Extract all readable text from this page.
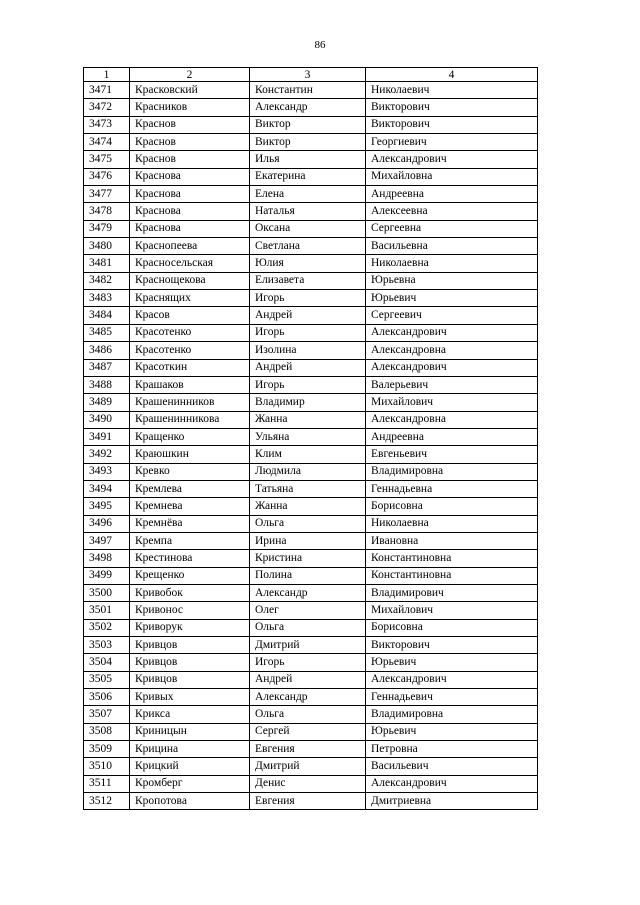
86
1	2	3	4
3471	Красковский	Константин	Николаевич
3472	Красников	Александр	Викторович
3473	Краснов	Виктор	Викторович
3474	Краснов	Виктор	Георгиевич
3475	Краснов	Илья	Александрович
3476	Краснова	Екатерина	Михайловна
3477	Краснова	Елена	Андреевна
3478	Краснова	Наталья	Алексеевна
3479	Краснова	Оксана	Сергеевна
3480	Краснопеева	Светлана	Васильевна
3481	Красносельская	Юлия	Николаевна
3482	Краснощекова	Елизавета	Юрьевна
3483	Краснящих	Игорь	Юрьевич
3484	Красов	Андрей	Сергеевич
3485	Красотенко	Игорь	Александрович
3486	Красотенко	Изолина	Александровна
3487	Красоткин	Андрей	Александрович
3488	Крашаков	Игорь	Валерьевич
3489	Крашенинников	Владимир	Михайлович
3490	Крашенинникова	Жанна	Александровна
3491	Кращенко	Ульяна	Андреевна
3492	Краюшкин	Клим	Евгеньевич
3493	Кревко	Людмила	Владимировна
3494	Кремлева	Татьяна	Геннадьевна
3495	Кремнева	Жанна	Борисовна
3496	Кремнёва	Ольга	Николаевна
3497	Кремпа	Ирина	Ивановна
3498	Крестинова	Кристина	Константиновна
3499	Крещенко	Полина	Константиновна
3500	Кривобок	Александр	Владимирович
3501	Кривонос	Олег	Михайлович
3502	Криворук	Ольга	Борисовна
3503	Кривцов	Дмитрий	Викторович
3504	Кривцов	Игорь	Юрьевич
3505	Кривцов	Андрей	Александрович
3506	Кривых	Александр	Геннадьевич
3507	Крикса	Ольга	Владимировна
3508	Криницын	Сергей	Юрьевич
3509	Крицина	Евгения	Петровна
3510	Крицкий	Дмитрий	Васильевич
3511	Кромберг	Денис	Александрович
3512	Кропотова	Евгения	Дмитриевна
